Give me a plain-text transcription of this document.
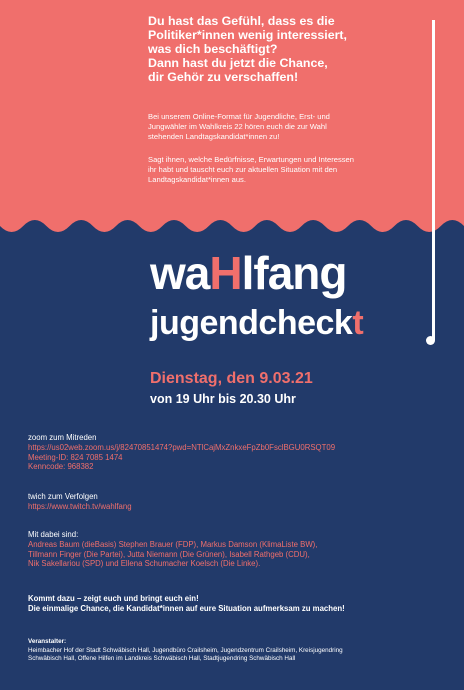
Du hast das Gefühl, dass es die
Politiker*innen wenig interessiert,
was dich beschäftigt?
Dann hast du jetzt die Chance,
dir Gehör zu verschaffen!
Bei unserem Online-Format für Jugendliche, Erst- und
Jungwähler im Wahlkreis 22 hören euch die zur Wahl
stehenden Landtagskandidat*innen zu!
Sagt ihnen, welche Bedürfnisse, Erwartungen und Interessen
ihr habt und tauscht euch zur aktuellen Situation mit den
Landtagskandidat*innen aus.
waHlfang
jugendcheckt
Dienstag, den 9.03.21
von 19 Uhr bis 20.30 Uhr
zoom zum Mitreden
https://us02web.zoom.us/j/82470851474?pwd=NTlCajMxZnkxeFpZb0FsclBGU0RSQT09
Meeting-ID: 824 7085 1474
Kenncode: 968382
twich zum Verfolgen
https://www.twitch.tv/wahlfang
Mit dabei sind:
Andreas Baum (dieBasis) Stephen Brauer (FDP), Markus Damson (KlimaListe BW),
Tillmann Finger (Die Partei), Jutta Niemann (Die Grünen), Isabell Rathgeb (CDU),
Nik Sakellariou (SPD) und Ellena Schumacher Koelsch (Die Linke).
Kommt dazu – zeigt euch und bringt euch ein!
Die einmalige Chance, die Kandidat*innen auf eure Situation aufmerksam zu machen!
Veranstalter:
Heimbacher Hof der Stadt Schwäbisch Hall, Jugendbüro Crailsheim, Jugendzentrum Crailsheim, Kreisjugendring
Schwäbisch Hall, Offene Hilfen im Landkreis Schwäbisch Hall, Stadtjugendring Schwäbisch Hall
